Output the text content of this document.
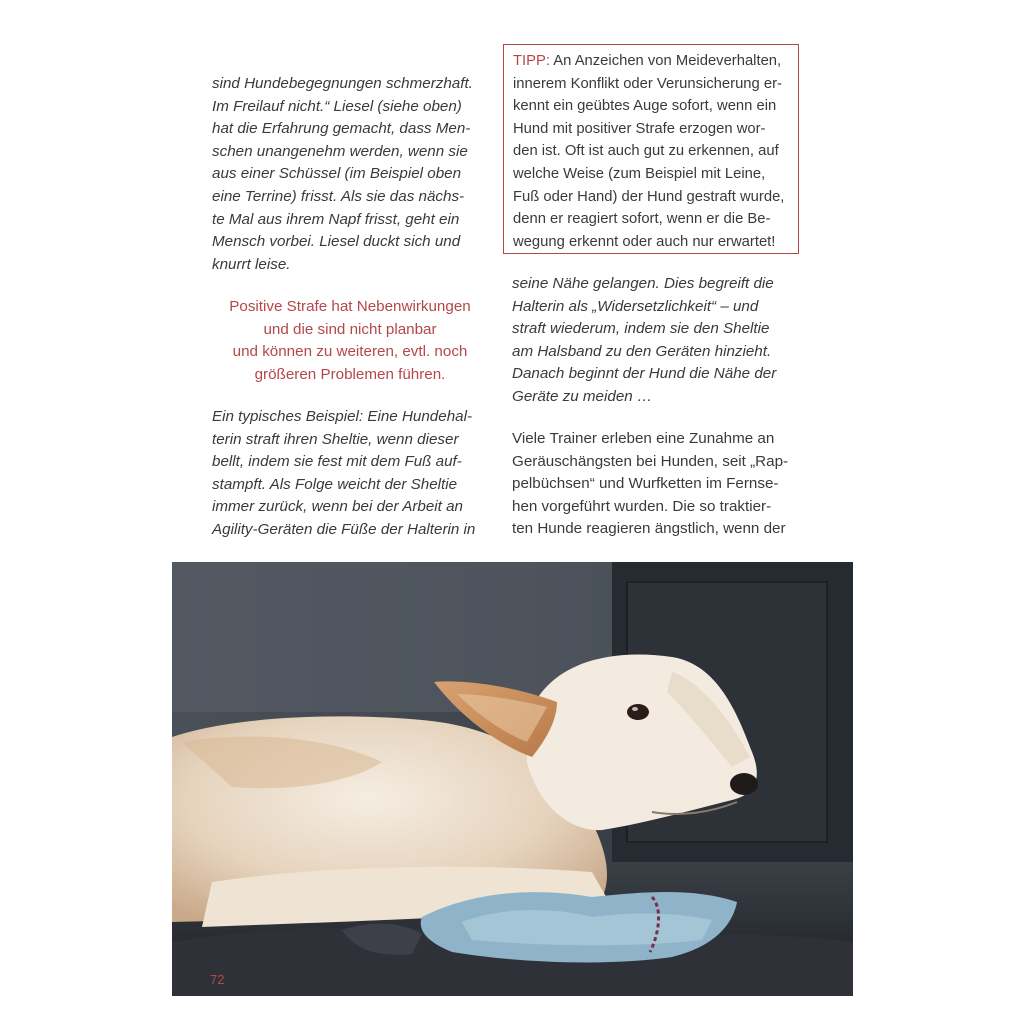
sind Hundebegegnungen schmerzhaft.

Im Freilauf nicht.“ Liesel (siehe oben)

hat die Erfahrung gemacht, dass Men-

schen unangenehm werden, wenn sie

aus einer Schüssel (im Beispiel oben

eine Terrine) frisst. Als sie das nächs-

te Mal aus ihrem Napf frisst, geht ein

Mensch vorbei. Liesel duckt sich und

knurrt leise.

Positive Strafe hat Nebenwirkungen
und die sind nicht planbar
und können zu weiteren, evtl. noch
größeren Problemen führen.

Ein typisches Beispiel: Eine Hundehal-

terin straft ihren Sheltie, wenn dieser

bellt, indem sie fest mit dem Fuß auf-

stampft. Als Folge weicht der Sheltie

immer zurück, wenn bei der Arbeit an

Agility-Geräten die Füße der Halterin in

TIPP: An Anzeichen von Meideverhalten,

innerem Konflikt oder Verunsicherung er-

kennt ein geübtes Auge sofort, wenn ein

Hund mit positiver Strafe erzogen wor-

den ist. Oft ist auch gut zu erkennen, auf

welche Weise (zum Beispiel mit Leine,

Fuß oder Hand) der Hund gestraft wurde,

denn er reagiert sofort, wenn er die Be-

wegung erkennt oder auch nur erwartet!

seine Nähe gelangen. Dies begreift die

Halterin als „Widersetzlichkeit“ – und

straft wiederum, indem sie den Sheltie

am Halsband zu den Geräten hinzieht.

Danach beginnt der Hund die Nähe der

Geräte zu meiden …

Viele Trainer erleben eine Zunahme an

Geräuschängsten bei Hunden, seit „Rap-

pelbüchsen“ und Wurfketten im Fernse-

hen vorgeführt wurden. Die so traktier-

ten Hunde reagieren ängstlich, wenn der

72
